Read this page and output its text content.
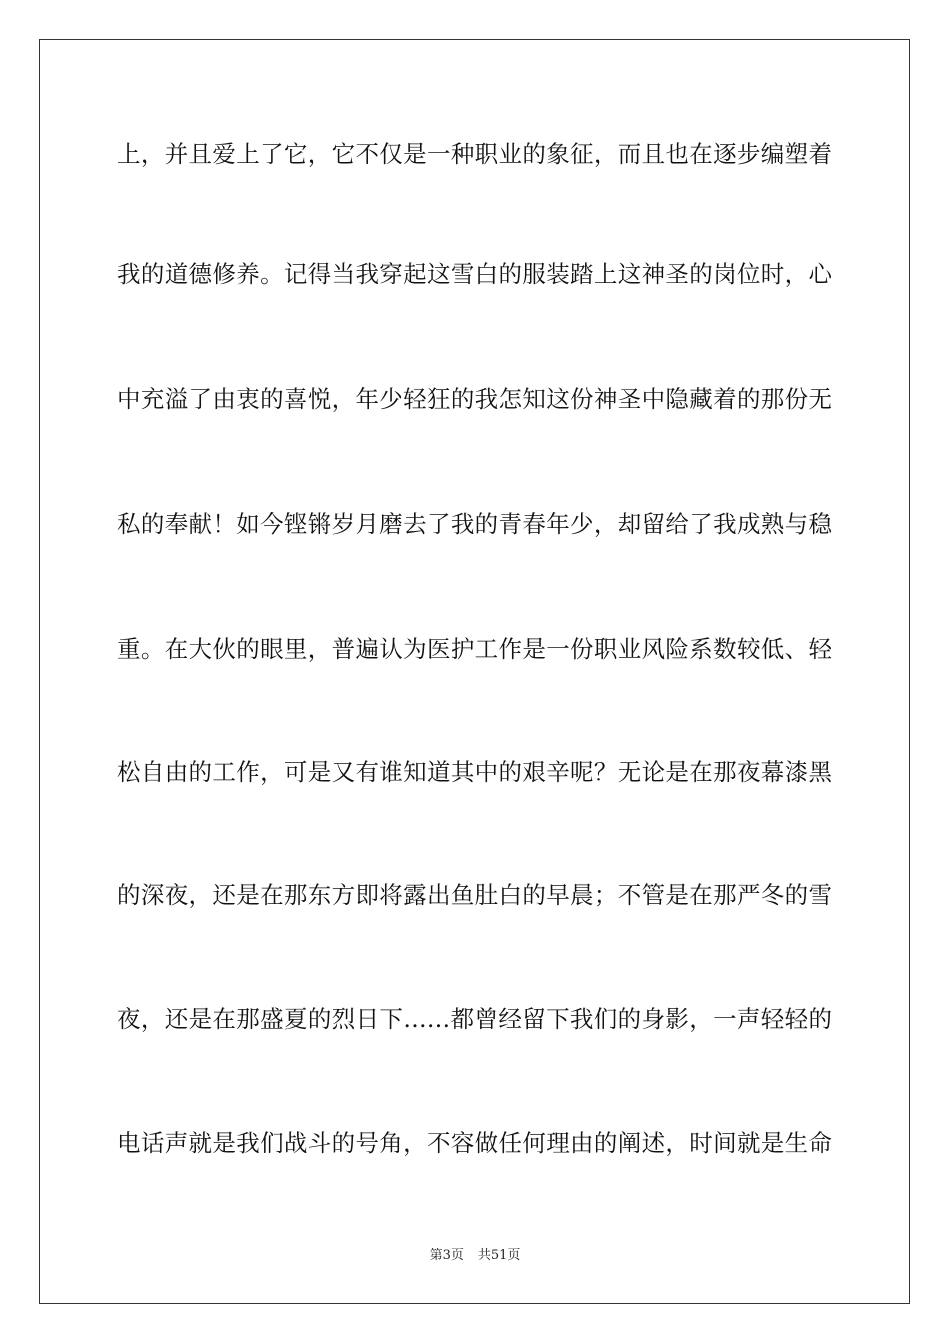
上，并且爱上了它，它不仅是一种职业的象征，而且也在逐步编塑着
我的道德修养。记得当我穿起这雪白的服装踏上这神圣的岗位时，心
中充溢了由衷的喜悦，年少轻狂的我怎知这份神圣中隐藏着的那份无
私的奉献！如今铿锵岁月磨去了我的青春年少，却留给了我成熟与稳
重。在大伙的眼里，普遍认为医护工作是一份职业风险系数较低、轻
松自由的工作，可是又有谁知道其中的艰辛呢？无论是在那夜幕漆黑
的深夜，还是在那东方即将露出鱼肚白的早晨；不管是在那严冬的雪
夜，还是在那盛夏的烈日下……都曾经留下我们的身影，一声轻轻的
电话声就是我们战斗的号角，不容做任何理由的阐述，时间就是生命
第3页 共51页
